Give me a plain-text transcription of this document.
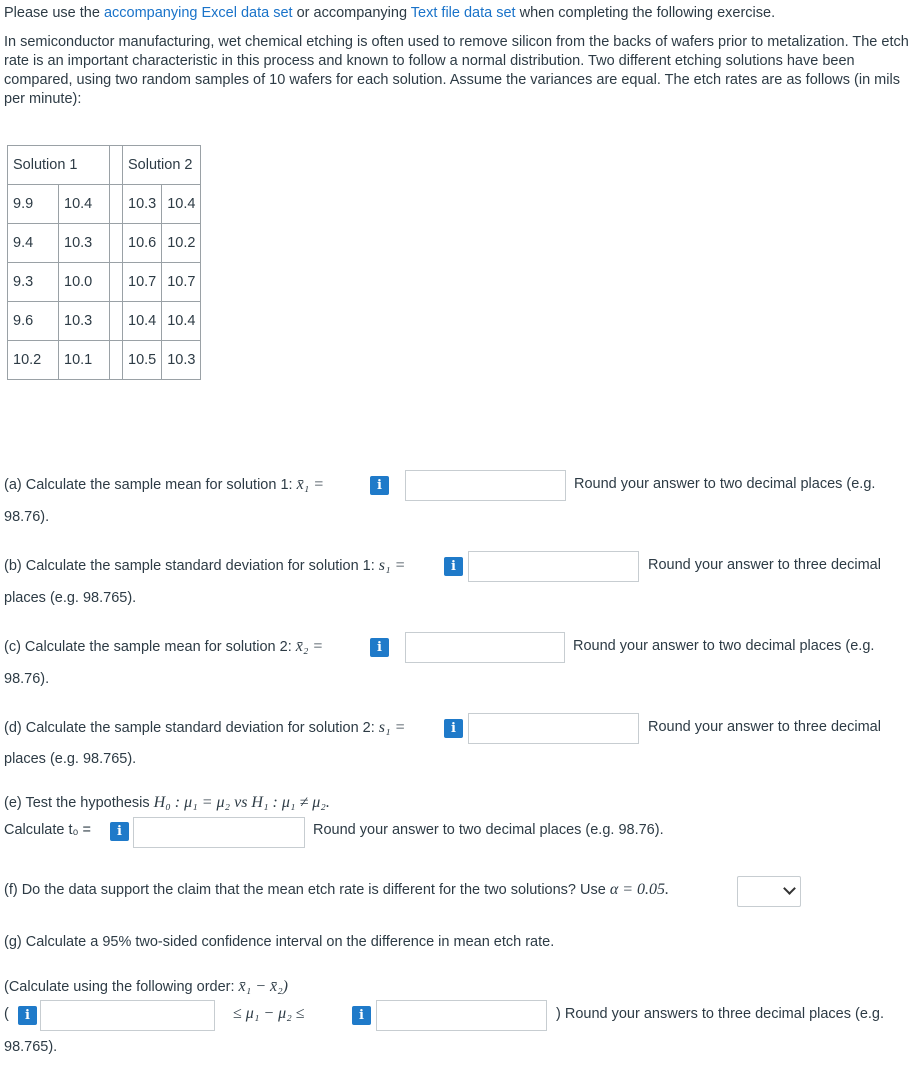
Please use the accompanying Excel data set or accompanying Text file data set when completing the following exercise.

In semiconductor manufacturing, wet chemical etching is often used to remove silicon from the backs of wafers prior to metalization. The etch rate is an important characteristic in this process and known to follow a normal distribution. Two different etching solutions have been compared, using two random samples of 10 wafers for each solution. Assume the variances are equal. The etch rates are as follows (in mils per minute):

Solution 1			Solution 2	
9.9	10.4		10.3	10.4
9.4	10.3		10.6	10.2
9.3	10.0		10.7	10.7
9.6	10.3		10.4	10.4
10.2	10.1		10.5	10.3
(a) Calculate the sample mean for solution 1: x̄₁ =	i	Round your answer to two decimal places (e.g.
98.76).
(b) Calculate the sample standard deviation for solution 1: s₁ =	i	Round your answer to three decimal
places (e.g. 98.765).
(c) Calculate the sample mean for solution 2: x̄₂ =	i	Round your answer to two decimal places (e.g.
98.76).
(d) Calculate the sample standard deviation for solution 2: s₁ =	i	Round your answer to three decimal
places (e.g. 98.765).
(e) Test the hypothesis H₀ : μ₁ = μ₂ vs H₁ : μ₁ ≠ μ₂.
Calculate t₀ =	i	Round your answer to two decimal places (e.g. 98.76).
(f) Do the data support the claim that the mean etch rate is different for the two solutions? Use α = 0.05.
(g) Calculate a 95% two-sided confidence interval on the difference in mean etch rate.
(Calculate using the following order: x̄₁ − x̄₂)
(	i	≤ μ₁ − μ₂ ≤	i	) Round your answers to three decimal places (e.g.
98.765).
